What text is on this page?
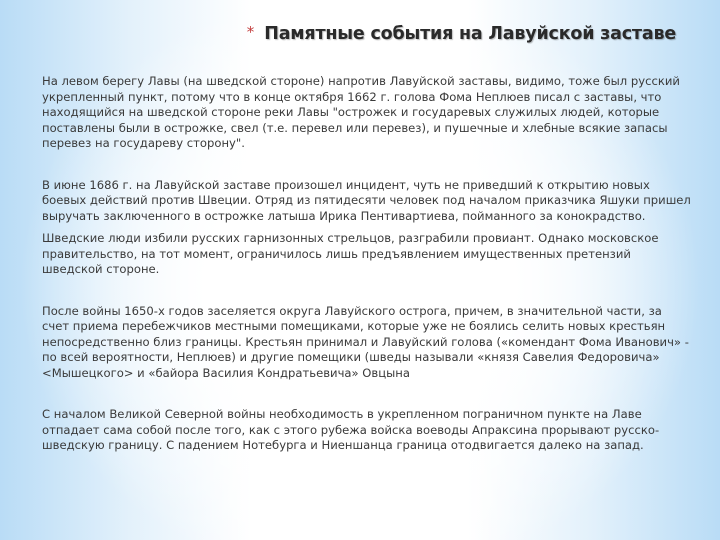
* Памятные события на Лавуйской заставе

На левом берегу Лавы (на шведской стороне) напротив Лавуйской заставы, видимо, тоже был русский укрепленный пункт, потому что в конце октября 1662 г. голова Фома Неплюев писал с заставы, что находящийся на шведской стороне реки Лавы "острожек и государевых служилых людей, которые поставлены были в острожке, свел (т.е. перевел или перевез), и пушечные и хлебные всякие запасы перевез на государеву сторону".

В июне 1686 г. на Лавуйской заставе произошел инцидент, чуть не приведший к открытию новых боевых действий против Швеции. Отряд из пятидесяти человек под началом приказчика Яшуки пришел выручать заключенного в острожке латыша Ирика Пентивартиева, пойманного за конокрадство.

Шведские люди избили русских гарнизонных стрельцов, разграбили провиант. Однако московское правительство, на тот момент, ограничилось лишь предъявлением имущественных претензий шведской стороне.

После войны 1650-х годов заселяется округа Лавуйского острога, причем, в значительной части, за счет приема перебежчиков местными помещиками, которые уже не боялись селить новых крестьян непосредственно близ границы. Крестьян принимал и Лавуйский голова («комендант Фома Иванович» - по всей вероятности, Неплюев) и другие помещики (шведы называли «князя Савелия Федоровича» <Мышецкого> и «байора Василия Кондратьевича» Овцына

С началом Великой Северной войны необходимость в укрепленном пограничном пункте на Лаве отпадает сама собой после того, как с этого рубежа войска воеводы Апраксина прорывают русско-шведскую границу. С падением Нотебурга и Ниеншанца граница отодвигается далеко на запад.
